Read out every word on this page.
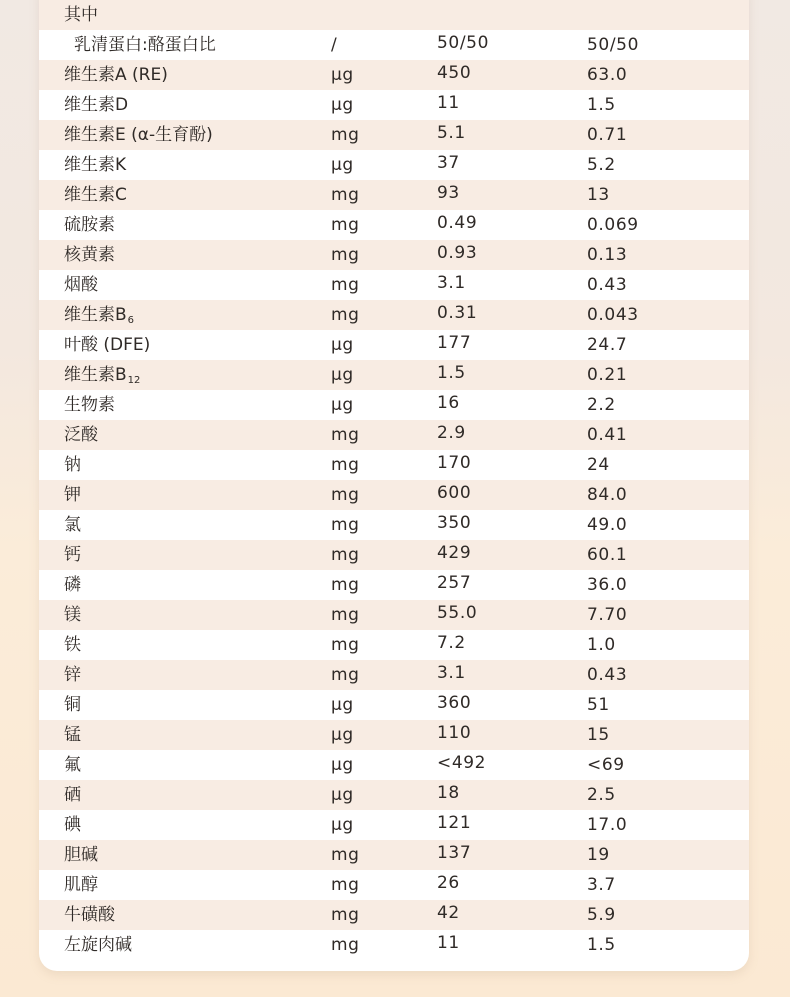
其中
乳清蛋白:酪蛋白比	/	50/50	50/50
维生素A (RE)	μg	450	63.0
维生素D	μg	11	1.5
维生素E (α-生育酚)	mg	5.1	0.71
维生素K	μg	37	5.2
维生素C	mg	93	13
硫胺素	mg	0.49	0.069
核黄素	mg	0.93	0.13
烟酸	mg	3.1	0.43
维生素$B_6$	mg	0.31	0.043
叶酸 (DFE)	μg	177	24.7
维生素$B_{12}$	μg	1.5	0.21
生物素	μg	16	2.2
泛酸	mg	2.9	0.41
钠	mg	170	24
钾	mg	600	84.0
氯	mg	350	49.0
钙	mg	429	60.1
磷	mg	257	36.0
镁	mg	55.0	7.70
铁	mg	7.2	1.0
锌	mg	3.1	0.43
铜	μg	360	51
锰	μg	110	15
氟	μg	<492	<69
硒	μg	18	2.5
碘	μg	121	17.0
胆碱	mg	137	19
肌醇	mg	26	3.7
牛磺酸	mg	42	5.9
左旋肉碱	mg	11	1.5
